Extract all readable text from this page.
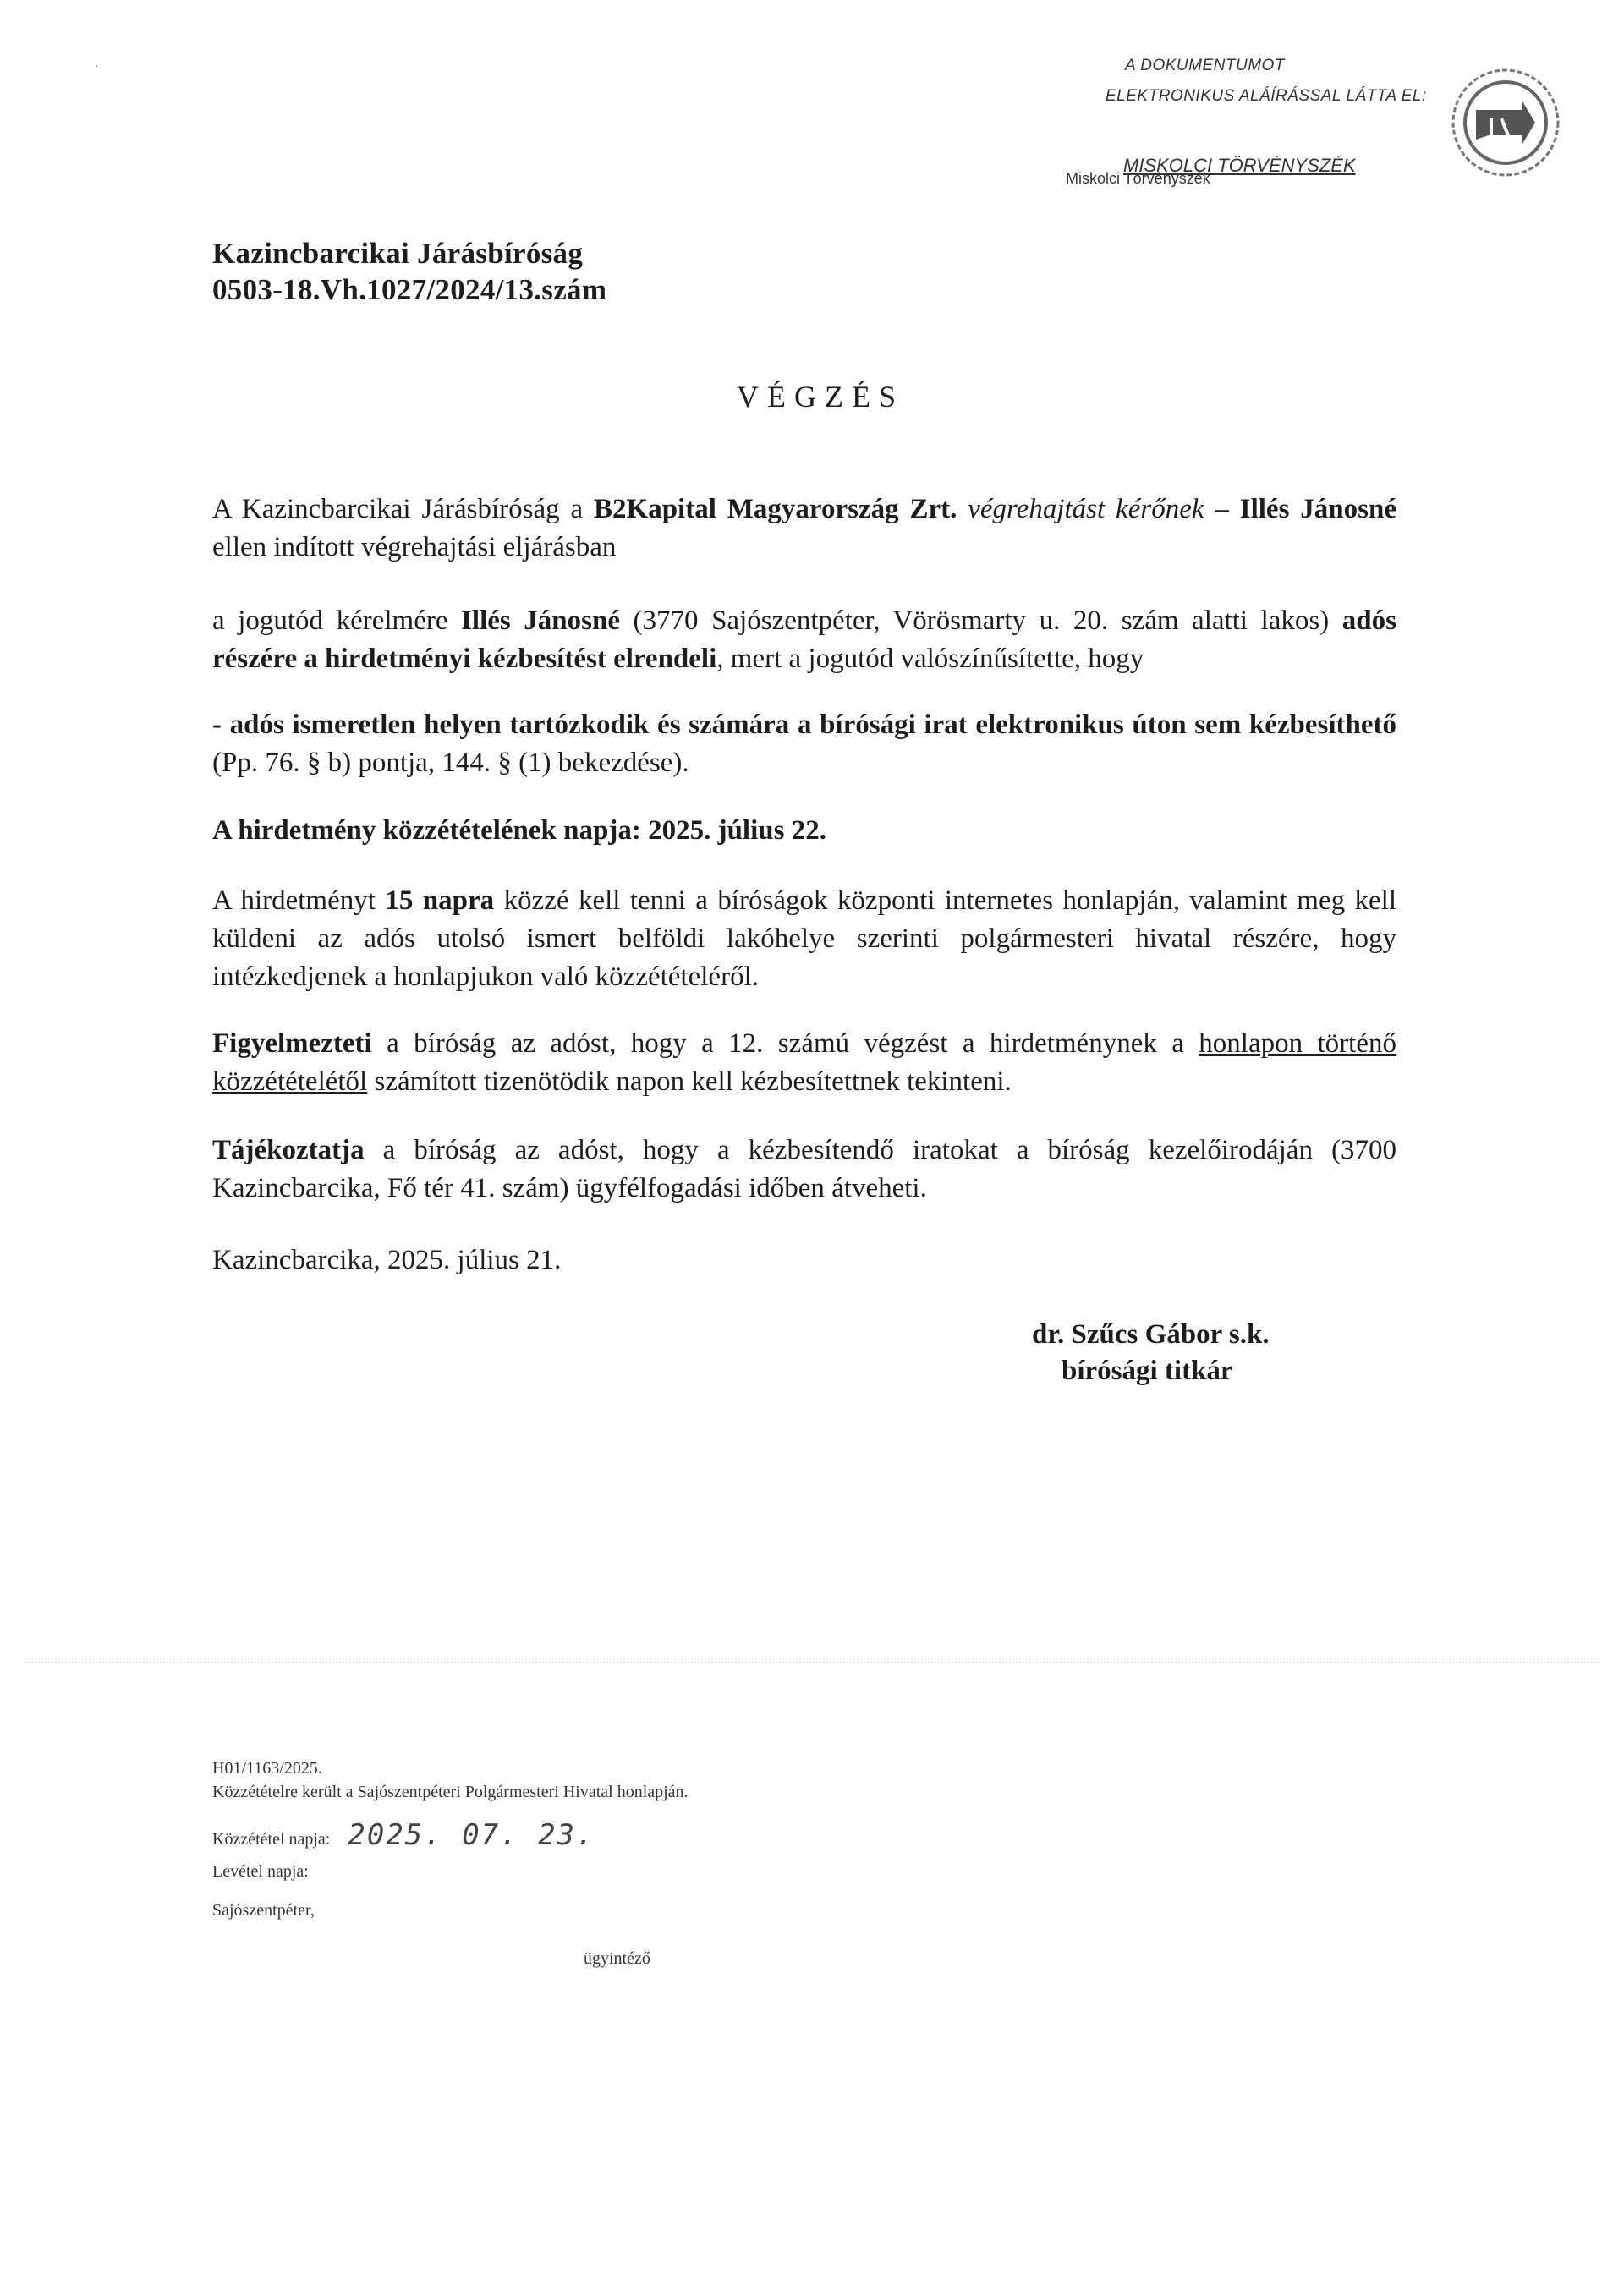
·	A DOKUMENTUMOT
ELEKTRONIKUS ALÁÍRÁSSAL LÁTTA EL:
MISKOLCI TÖRVÉNYSZÉK
Miskolci Törvényszék
Kazincbarcikai Járásbíróság
0503-18.Vh.1027/2024/13.szám
VÉGZÉS
A Kazincbarcikai Járásbíróság a B2Kapital Magyarország Zrt. végrehajtást kérőnek – Illés Jánosné ellen indított végrehajtási eljárásban
a jogutód kérelmére Illés Jánosné (3770 Sajószentpéter, Vörösmarty u. 20. szám alatti lakos) adós részére a hirdetményi kézbesítést elrendeli, mert a jogutód valószínűsítette, hogy
- adós ismeretlen helyen tartózkodik és számára a bírósági irat elektronikus úton sem kézbesíthető (Pp. 76. § b) pontja, 144. § (1) bekezdése).
A hirdetmény közzétételének napja: 2025. július 22.
A hirdetményt 15 napra közzé kell tenni a bíróságok központi internetes honlapján, valamint meg kell küldeni az adós utolsó ismert belföldi lakóhelye szerinti polgármesteri hivatal részére, hogy intézkedjenek a honlapjukon való közzétételéről.
Figyelmezteti a bíróság az adóst, hogy a 12. számú végzést a hirdetménynek a honlapon történő közzétételétől számított tizenötödik napon kell kézbesítettnek tekinteni.
Tájékoztatja a bíróság az adóst, hogy a kézbesítendő iratokat a bíróság kezelőirodáján (3700 Kazincbarcika, Fő tér 41. szám) ügyfélfogadási időben átveheti.
Kazincbarcika, 2025. július 21.
dr. Szűcs Gábor s.k.
bírósági titkár
H01/1163/2025.
Közzétételre került a Sajószentpéteri Polgármesteri Hivatal honlapján.
Közzététel napja: 2025. 07. 23.
Levétel napja:
Sajószentpéter,
ügyintéző
